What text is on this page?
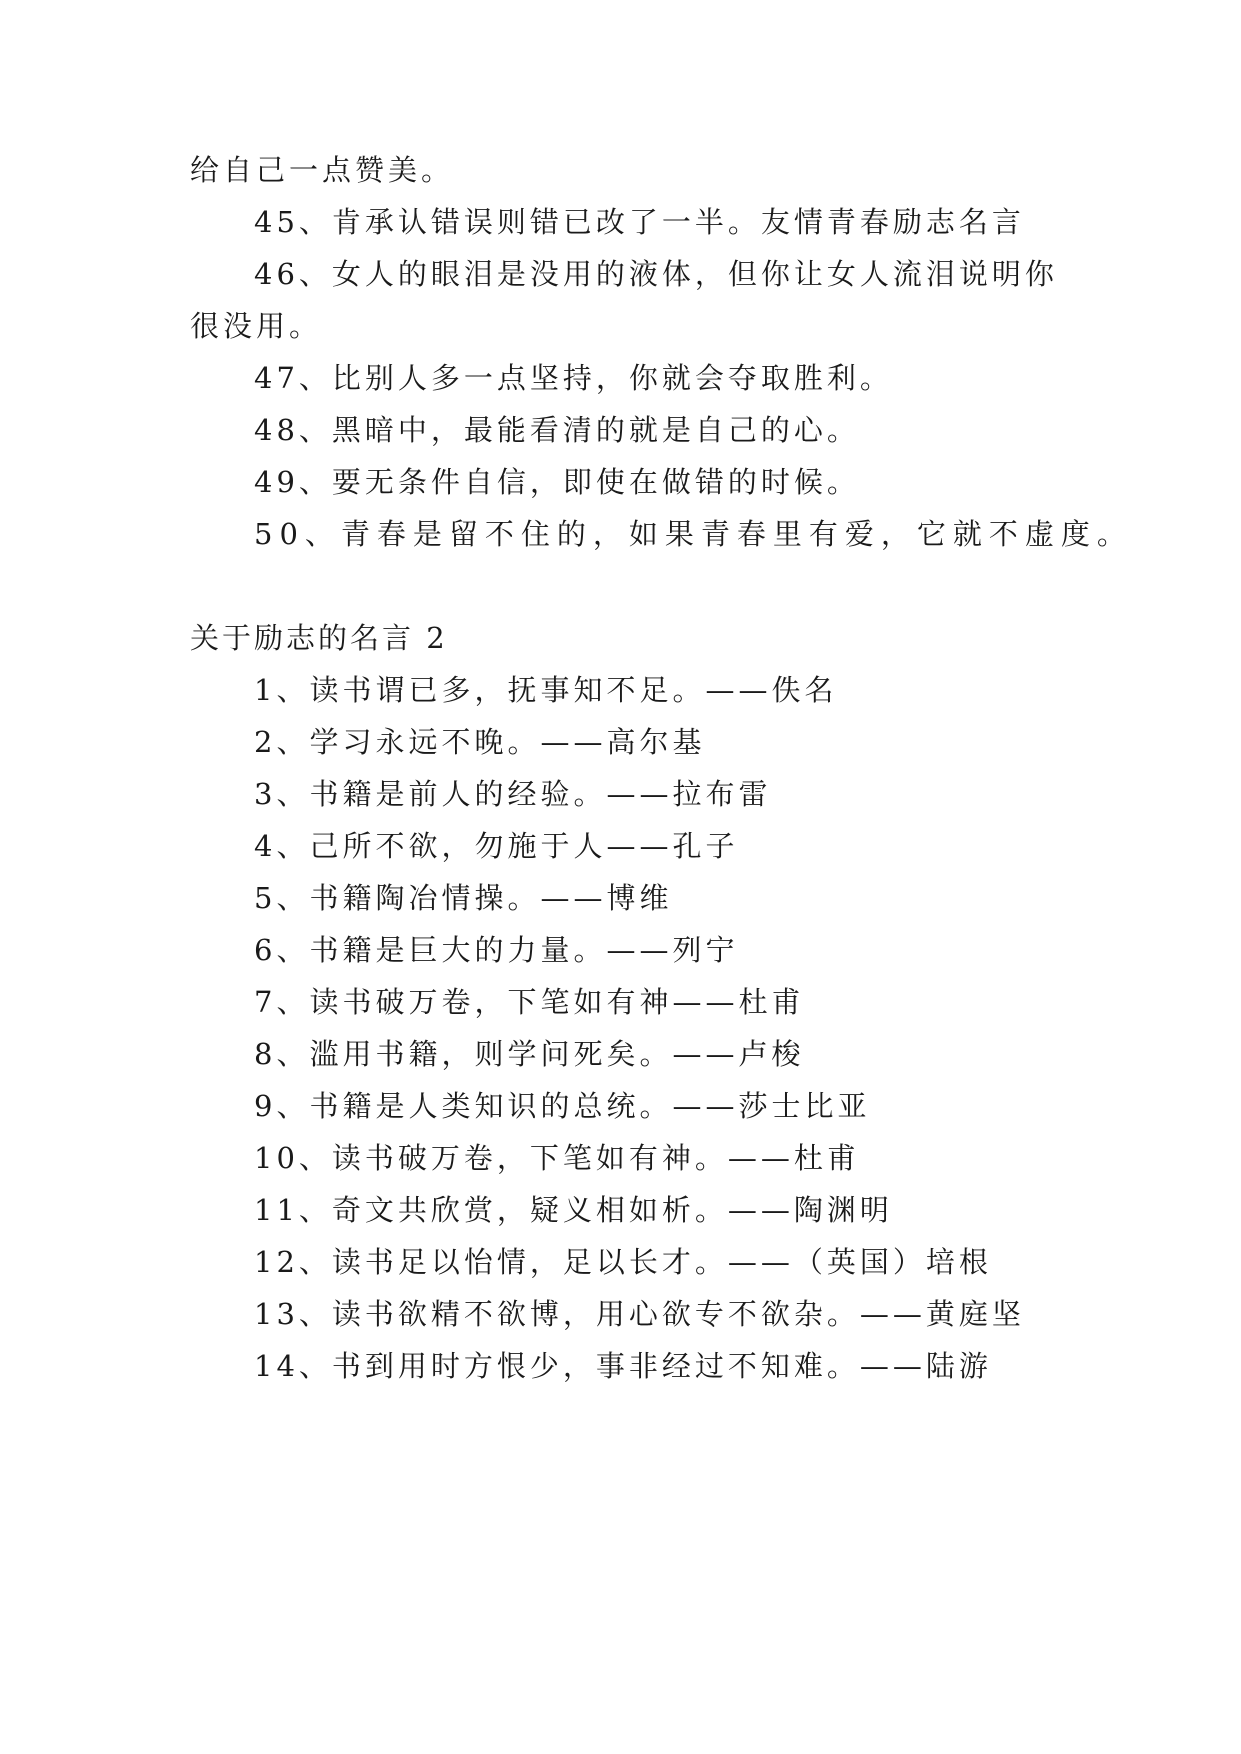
给自己一点赞美。
45、肯承认错误则错已改了一半。友情青春励志名言
46、女人的眼泪是没用的液体，但你让女人流泪说明你
很没用。
47、比别人多一点坚持，你就会夺取胜利。
48、黑暗中，最能看清的就是自己的心。
49、要无条件自信，即使在做错的时候。
50、青春是留不住的，如果青春里有爱，它就不虚度。
关于励志的名言 2
1、读书谓已多，抚事知不足。——佚名
2、学习永远不晚。——高尔基
3、书籍是前人的经验。——拉布雷
4、己所不欲，勿施于人——孔子
5、书籍陶冶情操。——博维
6、书籍是巨大的力量。——列宁
7、读书破万卷，下笔如有神——杜甫
8、滥用书籍，则学问死矣。——卢梭
9、书籍是人类知识的总统。——莎士比亚
10、读书破万卷，下笔如有神。——杜甫
11、奇文共欣赏，疑义相如析。——陶渊明
12、读书足以怡情，足以长才。——（英国）培根
13、读书欲精不欲博，用心欲专不欲杂。——黄庭坚
14、书到用时方恨少，事非经过不知难。——陆游
